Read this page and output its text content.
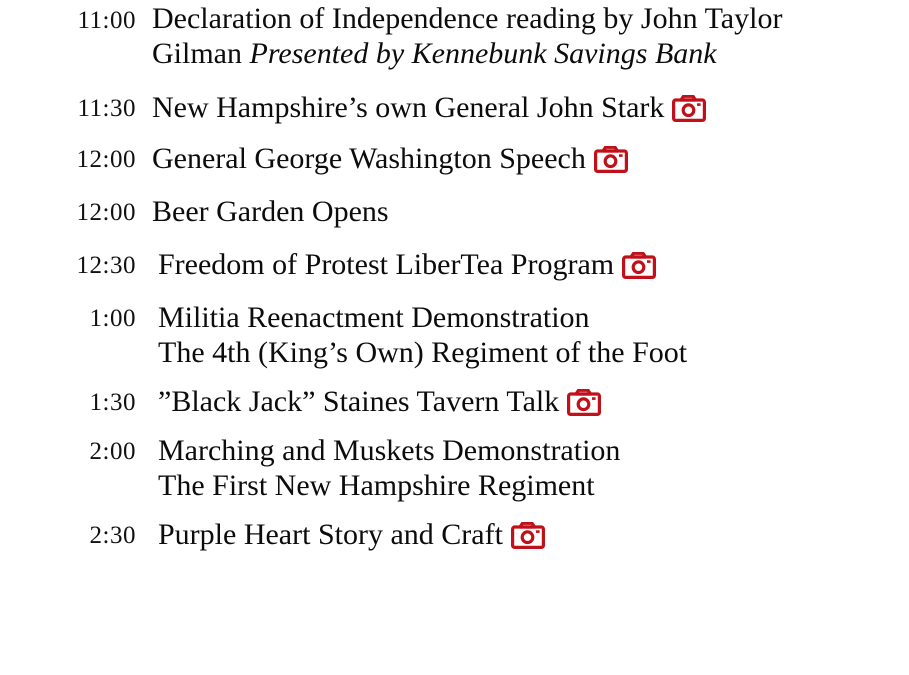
11:00 Declaration of Independence reading by John Taylor
Gilman Presented by Kennebunk Savings Bank
11:30 New Hampshire’s own General John Stark
12:00 General George Washington Speech
12:00 Beer Garden Opens
12:30 Freedom of Protest LiberTea Program
1:00 Militia Reenactment Demonstration
The 4th (King’s Own) Regiment of the Foot
1:30 ”Black Jack” Staines Tavern Talk
2:00 Marching and Muskets Demonstration
The First New Hampshire Regiment
2:30 Purple Heart Story and Craft
